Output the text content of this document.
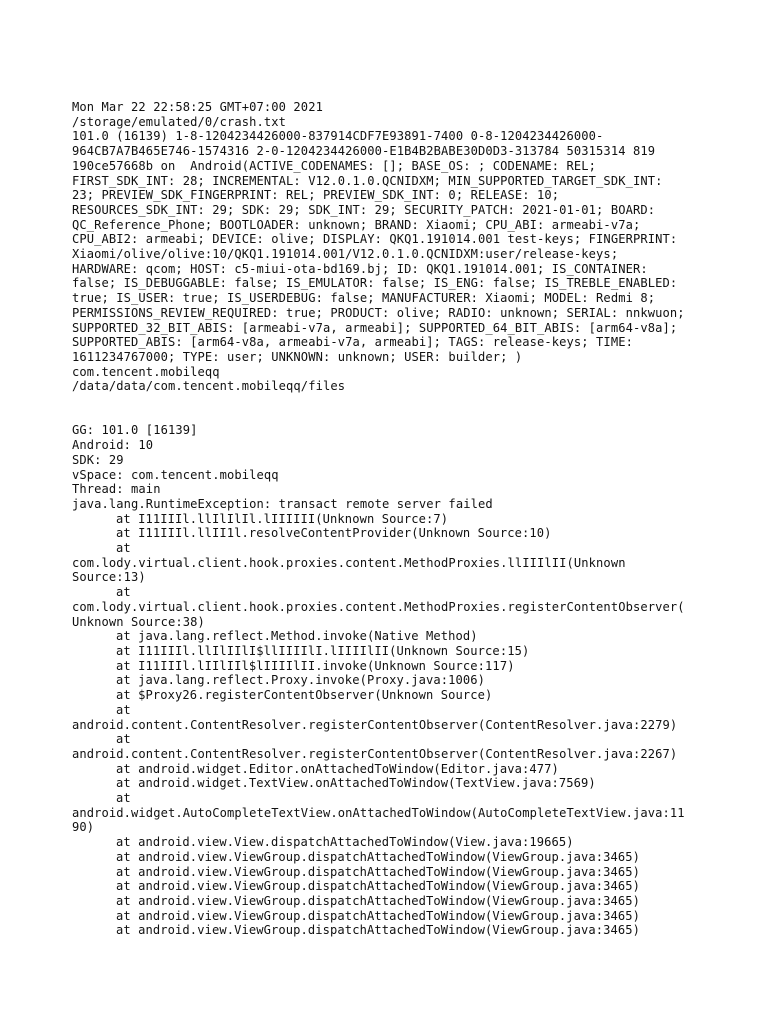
Mon Mar 22 22:58:25 GMT+07:00 2021
/storage/emulated/0/crash.txt
101.0 (16139) 1-8-1204234426000-837914CDF7E93891-7400 0-8-1204234426000-
964CB7A7B465E746-1574316 2-0-1204234426000-E1B4B2BABE30D0D3-313784 50315314 819
190ce57668b on  Android(ACTIVE_CODENAMES: []; BASE_OS: ; CODENAME: REL;
FIRST_SDK_INT: 28; INCREMENTAL: V12.0.1.0.QCNIDXM; MIN_SUPPORTED_TARGET_SDK_INT:
23; PREVIEW_SDK_FINGERPRINT: REL; PREVIEW_SDK_INT: 0; RELEASE: 10;
RESOURCES_SDK_INT: 29; SDK: 29; SDK_INT: 29; SECURITY_PATCH: 2021-01-01; BOARD:
QC_Reference_Phone; BOOTLOADER: unknown; BRAND: Xiaomi; CPU_ABI: armeabi-v7a;
CPU_ABI2: armeabi; DEVICE: olive; DISPLAY: QKQ1.191014.001 test-keys; FINGERPRINT:
Xiaomi/olive/olive:10/QKQ1.191014.001/V12.0.1.0.QCNIDXM:user/release-keys;
HARDWARE: qcom; HOST: c5-miui-ota-bd169.bj; ID: QKQ1.191014.001; IS_CONTAINER:
false; IS_DEBUGGABLE: false; IS_EMULATOR: false; IS_ENG: false; IS_TREBLE_ENABLED:
true; IS_USER: true; IS_USERDEBUG: false; MANUFACTURER: Xiaomi; MODEL: Redmi 8;
PERMISSIONS_REVIEW_REQUIRED: true; PRODUCT: olive; RADIO: unknown; SERIAL: nnkwuon;
SUPPORTED_32_BIT_ABIS: [armeabi-v7a, armeabi]; SUPPORTED_64_BIT_ABIS: [arm64-v8a];
SUPPORTED_ABIS: [arm64-v8a, armeabi-v7a, armeabi]; TAGS: release-keys; TIME:
1611234767000; TYPE: user; UNKNOWN: unknown; USER: builder; )
com.tencent.mobileqq
/data/data/com.tencent.mobileqq/files
GG: 101.0 [16139]
Android: 10
SDK: 29
vSpace: com.tencent.mobileqq
Thread: main
java.lang.RuntimeException: transact remote server failed
at I11IIIl.llIlIlIl.lIIIIII(Unknown Source:7)
at I11IIIl.llII1l.resolveContentProvider(Unknown Source:10)
at
com.lody.virtual.client.hook.proxies.content.MethodProxies.llIIIlII(Unknown
Source:13)
at
com.lody.virtual.client.hook.proxies.content.MethodProxies.registerContentObserver(
Unknown Source:38)
at java.lang.reflect.Method.invoke(Native Method)
at I11IIIl.llIlIIlI$llIIIIlI.lIIIIlII(Unknown Source:15)
at I11IIIl.lIIlIIl$lIIIIlII.invoke(Unknown Source:117)
at java.lang.reflect.Proxy.invoke(Proxy.java:1006)
at $Proxy26.registerContentObserver(Unknown Source)
at
android.content.ContentResolver.registerContentObserver(ContentResolver.java:2279)
at
android.content.ContentResolver.registerContentObserver(ContentResolver.java:2267)
at android.widget.Editor.onAttachedToWindow(Editor.java:477)
at android.widget.TextView.onAttachedToWindow(TextView.java:7569)
at
android.widget.AutoCompleteTextView.onAttachedToWindow(AutoCompleteTextView.java:11
90)
at android.view.View.dispatchAttachedToWindow(View.java:19665)
at android.view.ViewGroup.dispatchAttachedToWindow(ViewGroup.java:3465)
at android.view.ViewGroup.dispatchAttachedToWindow(ViewGroup.java:3465)
at android.view.ViewGroup.dispatchAttachedToWindow(ViewGroup.java:3465)
at android.view.ViewGroup.dispatchAttachedToWindow(ViewGroup.java:3465)
at android.view.ViewGroup.dispatchAttachedToWindow(ViewGroup.java:3465)
at android.view.ViewGroup.dispatchAttachedToWindow(ViewGroup.java:3465)
